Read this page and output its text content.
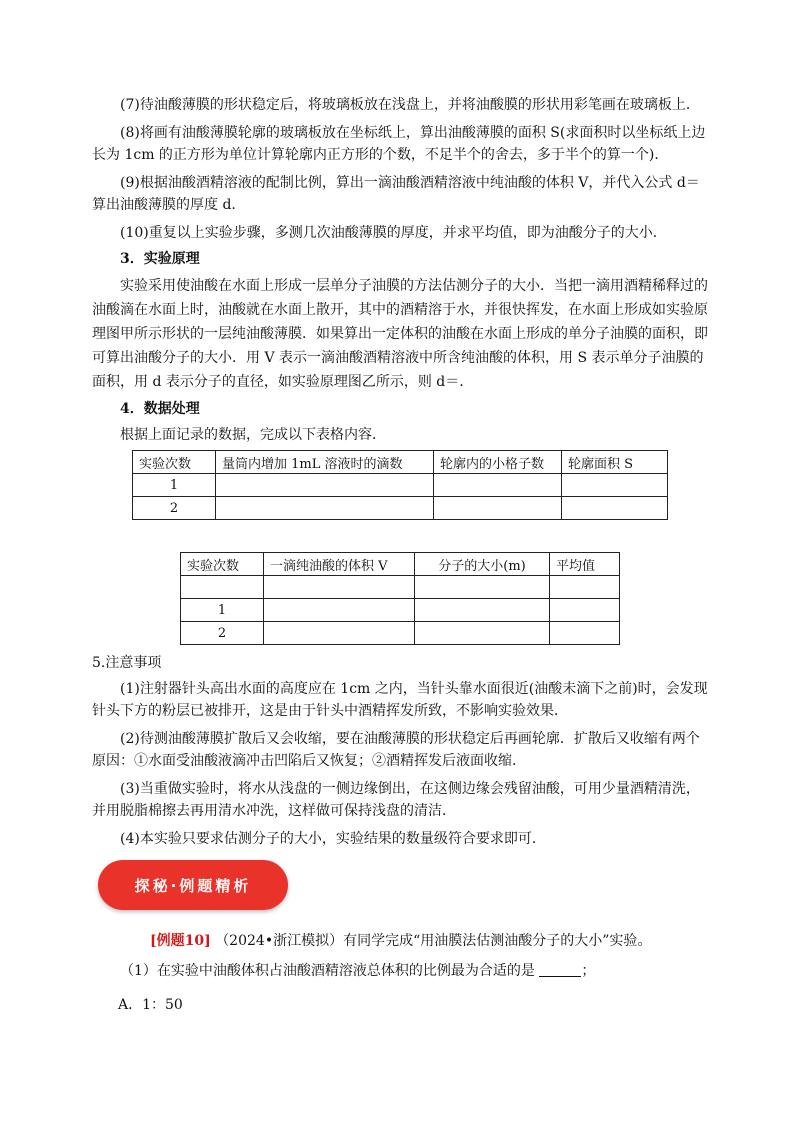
(7)待油酸薄膜的形状稳定后，将玻璃板放在浅盘上，并将油酸膜的形状用彩笔画在玻璃板上．

(8)将画有油酸薄膜轮廓的玻璃板放在坐标纸上，算出油酸薄膜的面积 S(求面积时以坐标纸上边长为 1cm 的正方形为单位计算轮廓内正方形的个数，不足半个的舍去，多于半个的算一个)．

(9)根据油酸酒精溶液的配制比例，算出一滴油酸酒精溶液中纯油酸的体积 V，并代入公式 d＝算出油酸薄膜的厚度 d.

(10)重复以上实验步骤，多测几次油酸薄膜的厚度，并求平均值，即为油酸分子的大小．

3．实验原理

实验采用使油酸在水面上形成一层单分子油膜的方法估测分子的大小．当把一滴用酒精稀释过的油酸滴在水面上时，油酸就在水面上散开，其中的酒精溶于水，并很快挥发，在水面上形成如实验原理图甲所示形状的一层纯油酸薄膜．如果算出一定体积的油酸在水面上形成的单分子油膜的面积，即可算出油酸分子的大小．用 V 表示一滴油酸酒精溶液中所含纯油酸的体积，用 S 表示单分子油膜的面积，用 d 表示分子的直径，如实验原理图乙所示，则 d＝.

4．数据处理

根据上面记录的数据，完成以下表格内容．

实验次数	量筒内增加 1mL 溶液时的滴数	轮廓内的小格子数	轮廓面积 S
1			
2			
实验次数	一滴纯油酸的体积 V	分子的大小(m)	平均值

1			
2			

5.注意事项

(1)注射器针头高出水面的高度应在 1cm 之内，当针头靠水面很近(油酸未滴下之前)时，会发现针头下方的粉层已被排开，这是由于针头中酒精挥发所致，不影响实验效果．

(2)待测油酸薄膜扩散后又会收缩，要在油酸薄膜的形状稳定后再画轮廓．扩散后又收缩有两个原因：①水面受油酸液滴冲击凹陷后又恢复；②酒精挥发后液面收缩．

(3)当重做实验时，将水从浅盘的一侧边缘倒出，在这侧边缘会残留油酸，可用少量酒精清洗，并用脱脂棉擦去再用清水冲洗，这样做可保持浅盘的清洁．

(4)本实验只要求估测分子的大小，实验结果的数量级符合要求即可．

探秘·例题精析

[例题10] （2024•浙江模拟）有同学完成“用油膜法估测油酸分子的大小”实验。

（1）在实验中油酸体积占油酸酒精溶液总体积的比例最为合适的是	；

A．1：50
